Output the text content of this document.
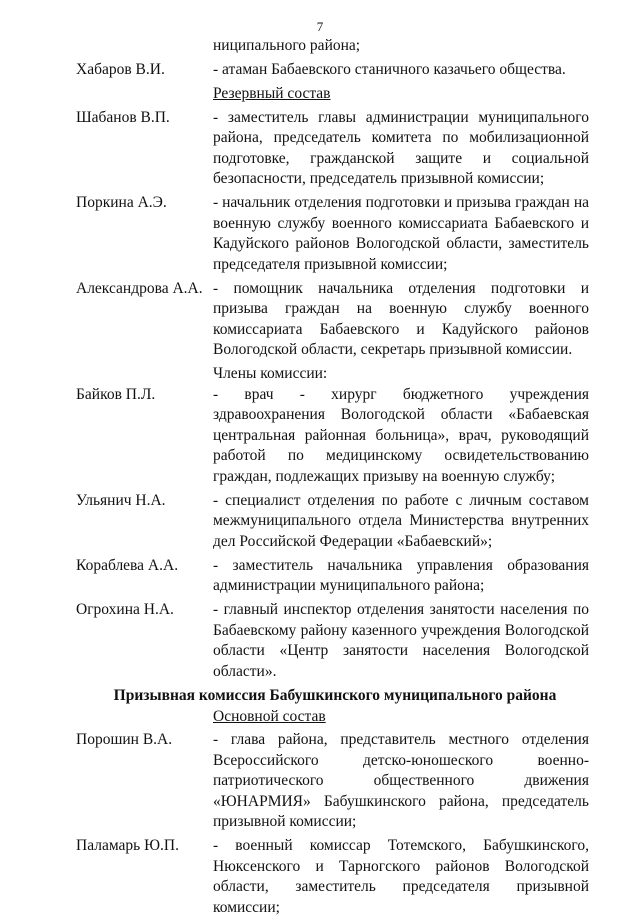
7
ниципального района;
Хабаров В.И.	- атаман Бабаевского станичного казачьего общества.
Резервный состав
Шабанов В.П.	- заместитель главы администрации муниципального района, председатель комитета по мобилизационной подготовке, гражданской защите и социальной безопасности, председатель призывной комиссии;
Поркина А.Э.	- начальник отделения подготовки и призыва граждан на военную службу военного комиссариата Бабаевского и Кадуйского районов Вологодской области, заместитель председателя призывной комиссии;
Александрова А.А. - помощник начальника отделения подготовки и призыва граждан на военную службу военного комиссариата Бабаевского и Кадуйского районов Вологодской области, секретарь призывной комиссии.
Члены комиссии:
Байков П.Л.	- врач - хирург бюджетного учреждения здравоохранения Вологодской области «Бабаевская центральная районная больница», врач, руководящий работой по медицинскому освидетельствованию граждан, подлежащих призыву на военную службу;
Ульянич Н.А.	- специалист отделения по работе с личным составом межмуниципального отдела Министерства внутренних дел Российской Федерации «Бабаевский»;
Кораблева А.А. - заместитель начальника управления образования администрации муниципального района;
Огрохина Н.А.	- главный инспектор отделения занятости населения по Бабаевскому району казенного учреждения Вологодской области «Центр занятости населения Вологодской области».
Призывная комиссия Бабушкинского муниципального района
Основной состав
Порошин В.А.	- глава района, представитель местного отделения Всероссийского детско-юношеского военно-патриотического общественного движения «ЮНАРМИЯ» Бабушкинского района, председатель призывной комиссии;
Паламарь Ю.П. - военный комиссар Тотемского, Бабушкинского, Нюксенского и Тарногского районов Вологодской области, заместитель председателя призывной комиссии;
